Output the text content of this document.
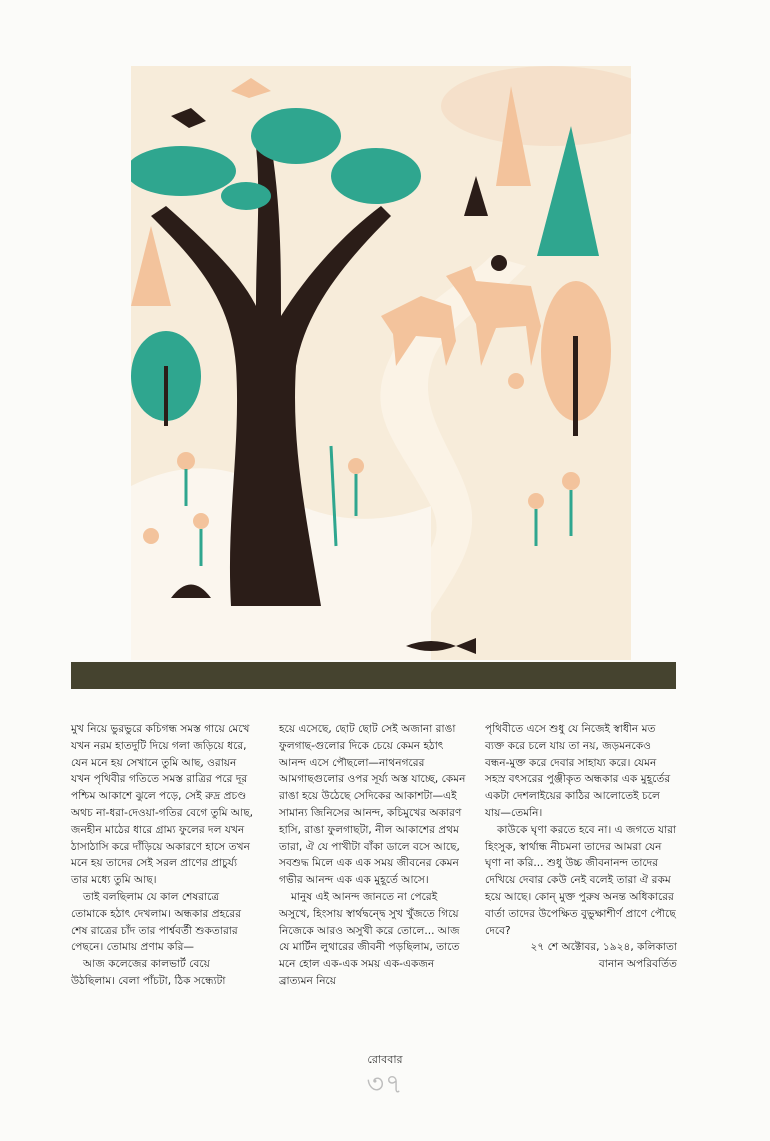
মুখ নিয়ে ভুরভুরে কচিগন্ধ সমস্ত গায়ে মেখে যখন নরম হাতদুটি দিয়ে গলা জড়িয়ে ধরে, যেন মনে হয় সেখানে তুমি আছ, ওরায়ন যখন পৃথিবীর গতিতে সমস্ত রাত্রির পরে দূর পশ্চিম আকাশে ঝুলে পড়ে, সেই রুদ্র প্রচণ্ড অথচ না-ধরা-দেওয়া-গতির বেগে তুমি আছ, জনহীন মাঠের ধারে গ্রাম্য ফুলের দল যখন ঠাসাঠাসি করে দাঁড়িয়ে অকারণে হাসে তখন মনে হয় তাদের সেই সরল প্রাণের প্রাচুর্য্য তার মধ্যে তুমি আছ।

তাই বলছিলাম যে কাল শেষরাত্রে তোমাকে হঠাৎ দেখলাম। অন্ধকার প্রহরের শেষ রাত্রের চাঁদ তার পার্শ্ববর্তী শুকতারার পেছনে। তোমায় প্রণাম করি—

আজ কলেজের কালভার্ট বেয়ে উঠছিলাম। বেলা পাঁচটা, ঠিক সন্ধ্যেটা

হয়ে এসেছে, ছোট ছোট সেই অজানা রাঙা ফুলগাছ-গুলোর দিকে চেয়ে কেমন হঠাৎ আনন্দ এসে পৌছলো—নাথনগরের আমগাছগুলোর ওপর সূর্য্য অস্ত যাচ্ছে, কেমন রাঙা হয়ে উঠেছে সেদিকের আকাশটা—এই সামান্য জিনিসের আনন্দ, কচিমুখের অকারণ হাসি, রাঙা ফুলগাছটা, নীল আকাশের প্রথম তারা, ঐ যে পাখীটা বাঁকা ডালে বসে আছে, সবশুদ্ধ মিলে এক এক সময় জীবনের কেমন গভীর আনন্দ এক এক মুহূর্তে আসে।

মানুষ এই আনন্দ জানতে না পেরেই অসুখে, হিংসায় স্বার্থদ্বন্দ্বে সুখ খুঁজতে গিয়ে নিজেকে আরও অসুখী করে তোলে... আজ যে মার্টিন লুথারের জীবনী পড়ছিলাম, তাতে মনে হোল এক-এক সময় এক-একজন ব্রাত্যমন নিয়ে

পৃথিবীতে এসে শুধু যে নিজেই স্বাধীন মত ব্যক্ত করে চলে যায় তা নয়, জড়মনকেও বন্ধন-মুক্ত করে দেবার সাহায্য করে। যেমন সহস্র বৎসরের পুঞ্জীকৃত অন্ধকার এক মুহূর্তের একটা দেশলাইয়ের কাঠির আলোতেই চলে যায়—তেমনি।

কাউকে ঘৃণা করতে হবে না। এ জগতে যারা হিংসুক, স্বার্থান্ধ নীচমনা তাদের আমরা যেন ঘৃণা না করি... শুধু উচ্চ জীবনানন্দ তাদের দেখিয়ে দেবার কেউ নেই বলেই তারা ঐ রকম হয়ে আছে। কোন্ মুক্ত পুরুষ অনন্ত অধিকারের বার্তা তাদের উপেক্ষিত বুভুক্ষাশীর্ণ প্রাণে পৌছে দেবে?

২৭ শে অক্টোবর, ১৯২৪, কলিকাতা

বানান অপরিবর্তিত

রোববার
৩৭
